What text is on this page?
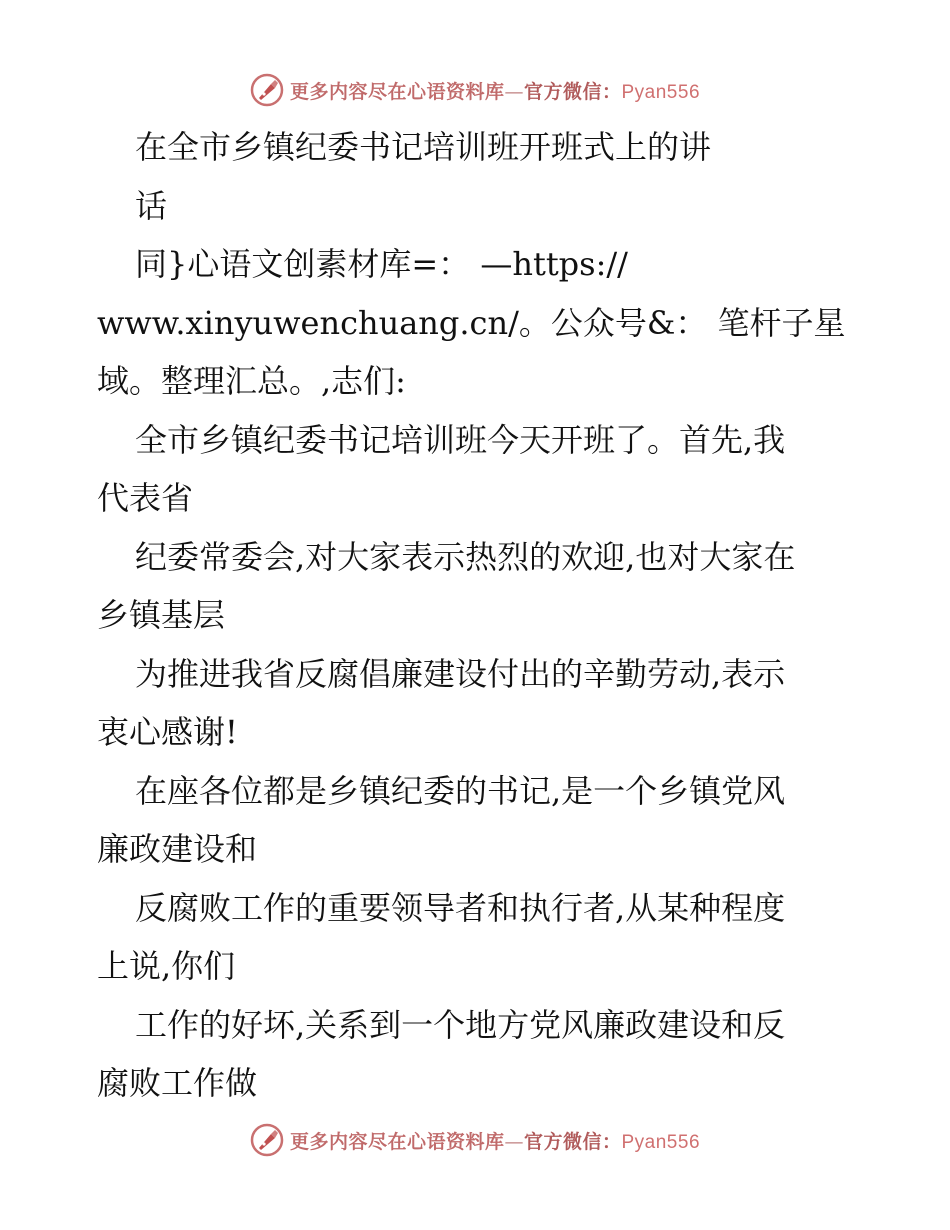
更多内容尽在心语资料库—官方微信：Pyan556
在全市乡镇纪委书记培训班开班式上的讲
话
同}心语文创素材库=： —https://
www.xinyuwenchuang.cn/。公众号&： 笔杆子星
域。整理汇总。,志们:
全市乡镇纪委书记培训班今天开班了。首先,我
代表省
纪委常委会,对大家表示热烈的欢迎,也对大家在
乡镇基层
为推进我省反腐倡廉建设付出的辛勤劳动,表示
衷心感谢!
在座各位都是乡镇纪委的书记,是一个乡镇党风
廉政建设和
反腐败工作的重要领导者和执行者,从某种程度
上说,你们
工作的好坏,关系到一个地方党风廉政建设和反
腐败工作做
更多内容尽在心语资料库—官方微信：Pyan556
